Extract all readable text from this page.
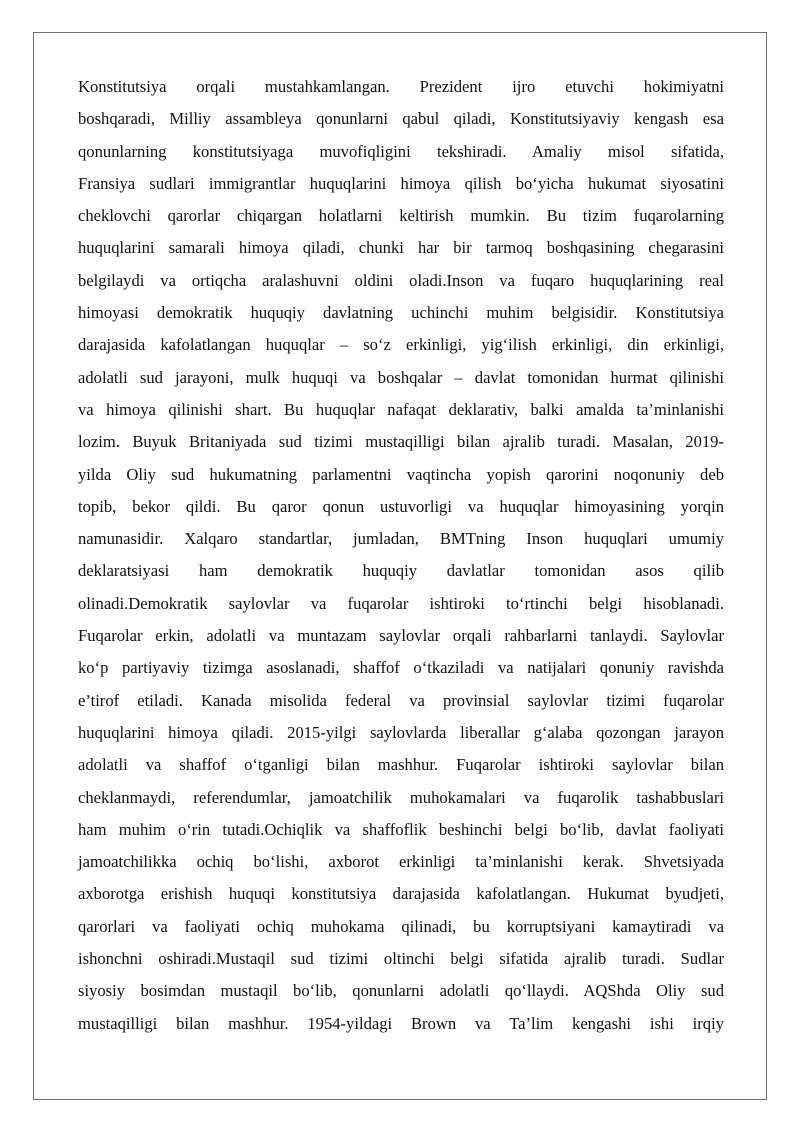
Konstitutsiya orqali mustahkamlangan. Prezident ijro etuvchi hokimiyatni
boshqaradi, Milliy assambleya qonunlarni qabul qiladi, Konstitutsiyaviy kengash esa
qonunlarning konstitutsiyaga muvofiqligini tekshiradi. Amaliy misol sifatida,
Fransiya sudlari immigrantlar huquqlarini himoya qilish bo‘yicha hukumat siyosatini
cheklovchi qarorlar chiqargan holatlarni keltirish mumkin. Bu tizim fuqarolarning
huquqlarini samarali himoya qiladi, chunki har bir tarmoq boshqasining chegarasini
belgilaydi va ortiqcha aralashuvni oldini oladi.Inson va fuqaro huquqlarining real
himoyasi demokratik huquqiy davlatning uchinchi muhim belgisidir. Konstitutsiya
darajasida kafolatlangan huquqlar – so‘z erkinligi, yig‘ilish erkinligi, din erkinligi,
adolatli sud jarayoni, mulk huquqi va boshqalar – davlat tomonidan hurmat qilinishi
va himoya qilinishi shart. Bu huquqlar nafaqat deklarativ, balki amalda ta’minlanishi
lozim. Buyuk Britaniyada sud tizimi mustaqilligi bilan ajralib turadi. Masalan, 2019-
yilda Oliy sud hukumatning parlamentni vaqtincha yopish qarorini noqonuniy deb
topib, bekor qildi. Bu qaror qonun ustuvorligi va huquqlar himoyasining yorqin
namunasidir. Xalqaro standartlar, jumladan, BMTning Inson huquqlari umumiy
deklaratsiyasi ham demokratik huquqiy davlatlar tomonidan asos qilib
olinadi.Demokratik saylovlar va fuqarolar ishtiroki to‘rtinchi belgi hisoblanadi.
Fuqarolar erkin, adolatli va muntazam saylovlar orqali rahbarlarni tanlaydi. Saylovlar
ko‘p partiyaviy tizimga asoslanadi, shaffof o‘tkaziladi va natijalari qonuniy ravishda
e’tirof etiladi. Kanada misolida federal va provinsial saylovlar tizimi fuqarolar
huquqlarini himoya qiladi. 2015-yilgi saylovlarda liberallar g‘alaba qozongan jarayon
adolatli va shaffof o‘tganligi bilan mashhur. Fuqarolar ishtiroki saylovlar bilan
cheklanmaydi, referendumlar, jamoatchilik muhokamalari va fuqarolik tashabbuslari
ham muhim o‘rin tutadi.Ochiqlik va shaffoflik beshinchi belgi bo‘lib, davlat faoliyati
jamoatchilikka ochiq bo‘lishi, axborot erkinligi ta’minlanishi kerak. Shvetsiyada
axborotga erishish huquqi konstitutsiya darajasida kafolatlangan. Hukumat byudjeti,
qarorlari va faoliyati ochiq muhokama qilinadi, bu korruptsiyani kamaytiradi va
ishonchni oshiradi.Mustaqil sud tizimi oltinchi belgi sifatida ajralib turadi. Sudlar
siyosiy bosimdan mustaqil bo‘lib, qonunlarni adolatli qo‘llaydi. AQShda Oliy sud
mustaqilligi bilan mashhur. 1954-yildagi Brown va Ta’lim kengashi ishi irqiy
